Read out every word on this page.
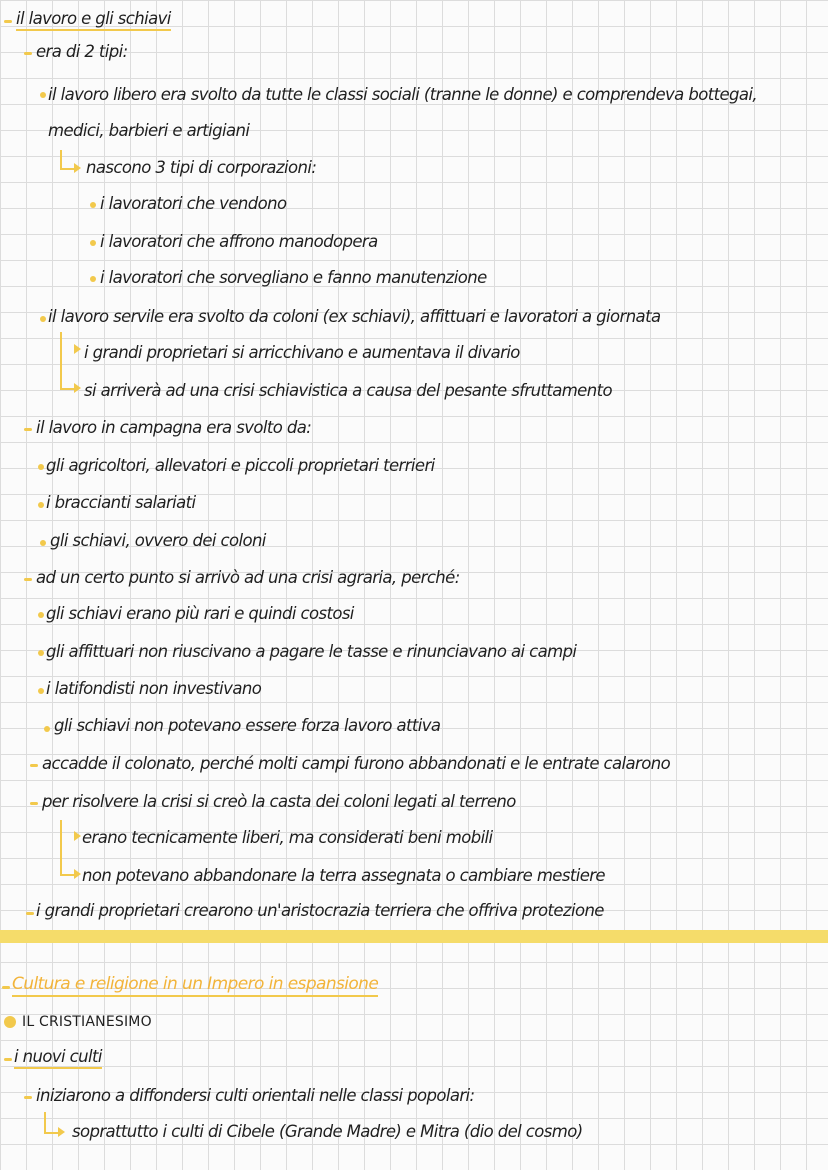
il lavoro e gli schiavi
era di 2 tipi:
il lavoro libero era svolto da tutte le classi sociali (tranne le donne) e comprendeva bottegai,
medici, barbieri e artigiani
nascono 3 tipi di corporazioni:
i lavoratori che vendono
i lavoratori che affrono manodopera
i lavoratori che sorvegliano e fanno manutenzione
il lavoro servile era svolto da coloni (ex schiavi), affittuari e lavoratori a giornata
i grandi proprietari si arricchivano e aumentava il divario
si arriverà ad una crisi schiavistica a causa del pesante sfruttamento
il lavoro in campagna era svolto da:
gli agricoltori, allevatori e piccoli proprietari terrieri
i braccianti salariati
gli schiavi, ovvero dei coloni
ad un certo punto si arrivò ad una crisi agraria, perché:
gli schiavi erano più rari e quindi costosi
gli affittuari non riuscivano a pagare le tasse e rinunciavano ai campi
i latifondisti non investivano
gli schiavi non potevano essere forza lavoro attiva
accadde il colonato, perché molti campi furono abbandonati e le entrate calarono
per risolvere la crisi si creò la casta dei coloni legati al terreno
erano tecnicamente liberi, ma considerati beni mobili
non potevano abbandonare la terra assegnata o cambiare mestiere
i grandi proprietari crearono un'aristocrazia terriera che offriva protezione
Cultura e religione in un Impero in espansione
IL CRISTIANESIMO
i nuovi culti
iniziarono a diffondersi culti orientali nelle classi popolari:
soprattutto i culti di Cibele (Grande Madre) e Mitra (dio del cosmo)
